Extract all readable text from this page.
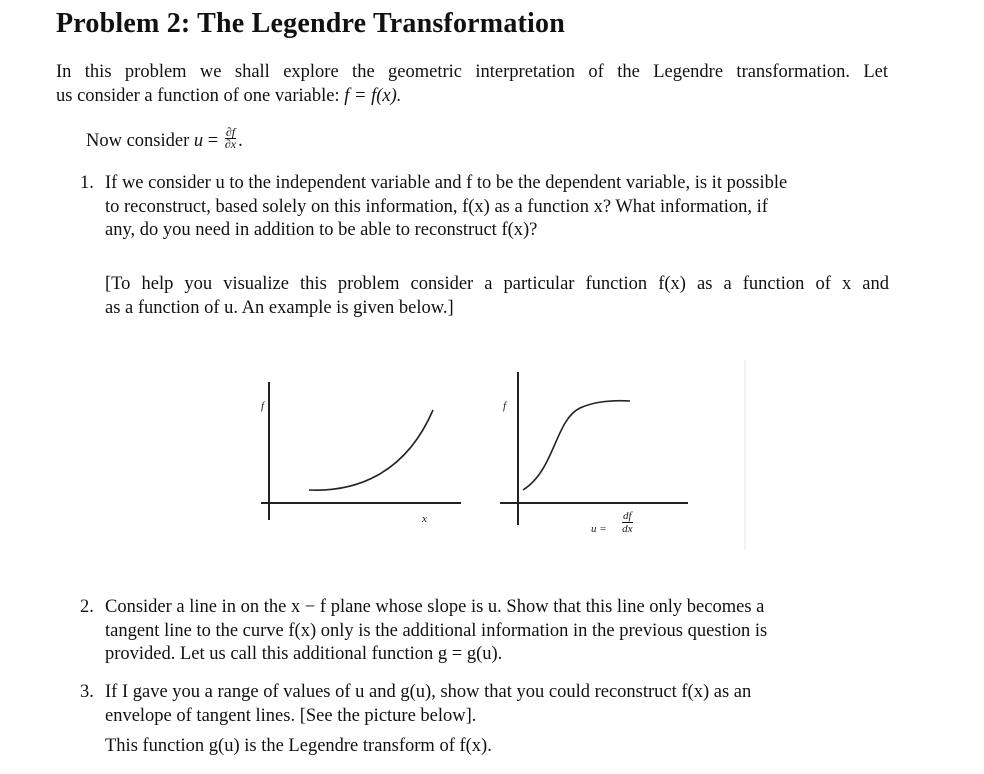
Problem 2: The Legendre Transformation
In this problem we shall explore the geometric interpretation of the Legendre transformation. Let
us consider a function of one variable: f = f(x).
Now consider $u = \frac{\partial f}{\partial x}$ .
1. If we consider u to the independent variable and f to be the dependent variable, is it possible
to reconstruct, based solely on this information, f(x) as a function x? What information, if
any, do you need in addition to be able to reconstruct f(x)?
[To help you visualize this problem consider a particular function f(x) as a function of x and
as a function of u. An example is given below.]
f
x
f
$u = \frac{df}{dx}$
2. Consider a line in on the x − f plane whose slope is u. Show that this line only becomes a
tangent line to the curve f(x) only is the additional information in the previous question is
provided. Let us call this additional function g = g(u).
3. If I gave you a range of values of u and g(u), show that you could reconstruct f(x) as an
envelope of tangent lines. [See the picture below].
This function g(u) is the Legendre transform of f(x).
